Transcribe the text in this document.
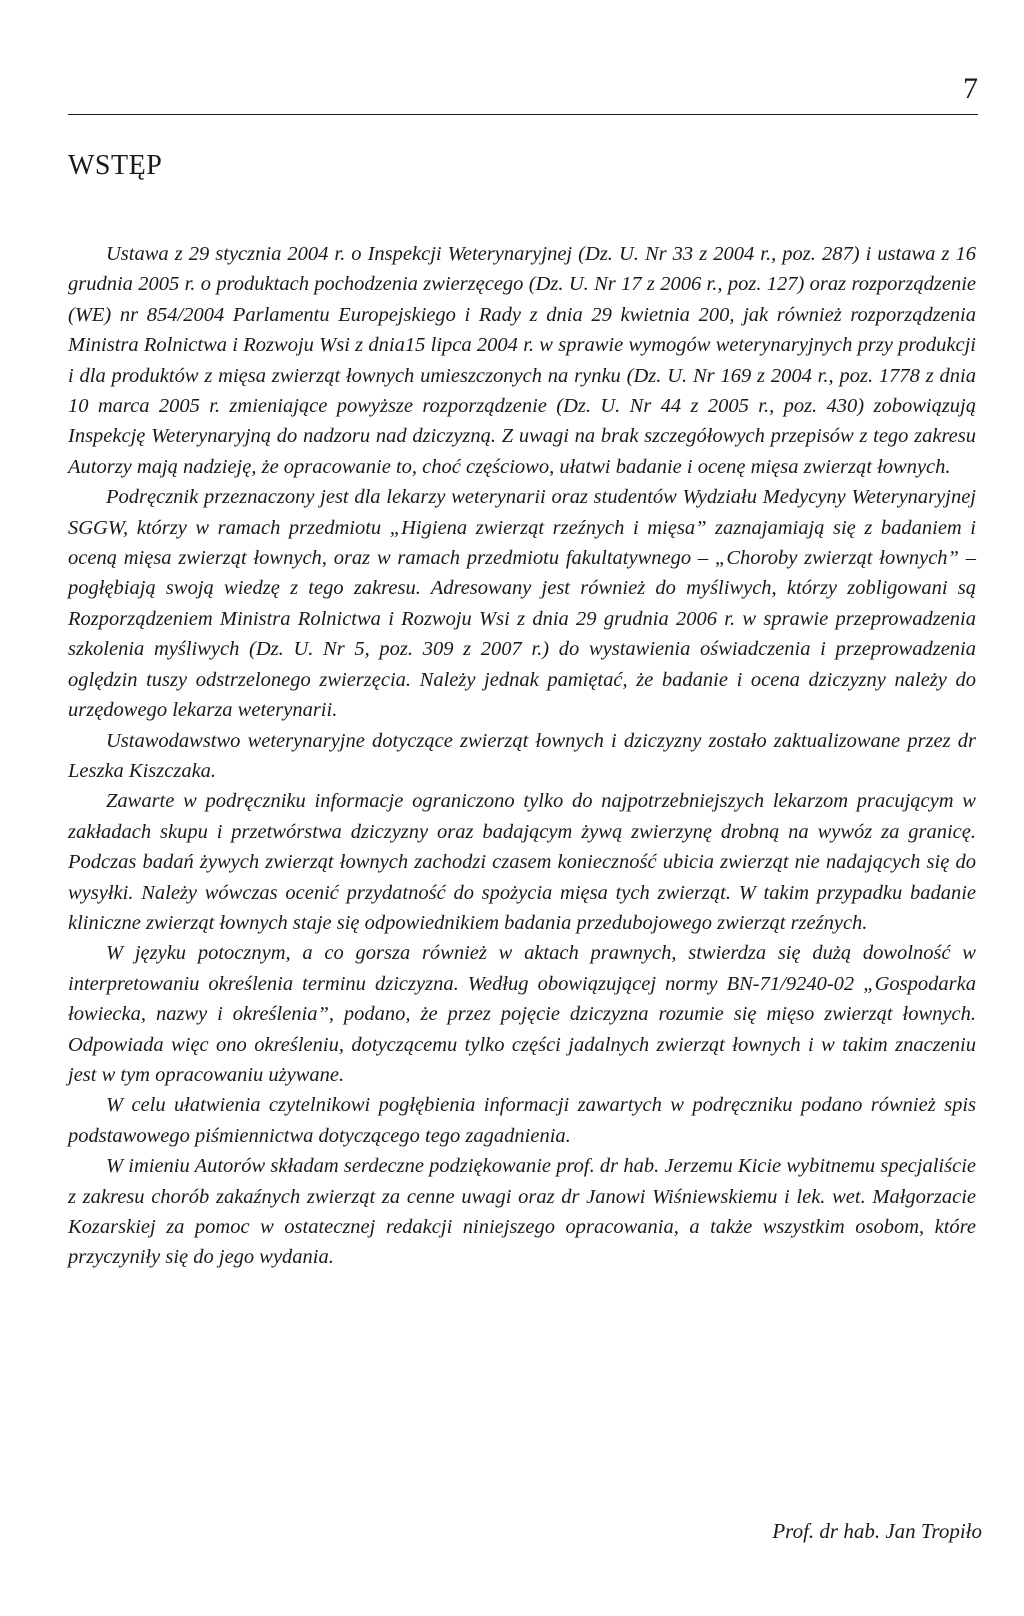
7
WSTĘP

Ustawa z 29 stycznia 2004 r. o Inspekcji Weterynaryjnej (Dz. U. Nr 33 z 2004 r., poz. 287) i ustawa z 16 grudnia 2005 r. o produktach pochodzenia zwierzęcego (Dz. U. Nr 17 z 2006 r., poz. 127) oraz rozporządzenie (WE) nr 854/2004 Parlamentu Europejskiego i Rady z dnia 29 kwietnia 200, jak również rozporządzenia Ministra Rolnictwa i Rozwoju Wsi z dnia15 lipca 2004 r. w sprawie wymogów weterynaryjnych przy produkcji i dla produktów z mięsa zwierząt łownych umieszczonych na rynku (Dz. U. Nr 169 z 2004 r., poz. 1778 z dnia 10 marca 2005 r. zmieniające powyższe rozporządzenie (Dz. U. Nr 44 z 2005 r., poz. 430) zobowiązują Inspekcję Weterynaryjną do nadzoru nad dziczyzną. Z uwagi na brak szczegółowych przepisów z tego zakresu Autorzy mają nadzieję, że opracowanie to, choć częściowo, ułatwi badanie i ocenę mięsa zwierząt łownych.

Podręcznik przeznaczony jest dla lekarzy weterynarii oraz studentów Wydziału Medycyny Weterynaryjnej SGGW, którzy w ramach przedmiotu „Higiena zwierząt rzeźnych i mięsa” zaznajamiają się z badaniem i oceną mięsa zwierząt łownych, oraz w ramach przedmiotu fakultatywnego – „Choroby zwierząt łownych” – pogłębiają swoją wiedzę z tego zakresu. Adresowany jest również do myśliwych, którzy zobligowani są Rozporządzeniem Ministra Rolnictwa i Rozwoju Wsi z dnia 29 grudnia 2006 r. w sprawie przeprowadzenia szkolenia myśliwych (Dz. U. Nr 5, poz. 309 z 2007 r.) do wystawienia oświadczenia i przeprowadzenia oględzin tuszy odstrzelonego zwierzęcia. Należy jednak pamiętać, że badanie i ocena dziczyzny należy do urzędowego lekarza weterynarii.

Ustawodawstwo weterynaryjne dotyczące zwierząt łownych i dziczyzny zostało zaktualizowane przez dr Leszka Kiszczaka.

Zawarte w podręczniku informacje ograniczono tylko do najpotrzebniejszych lekarzom pracującym w zakładach skupu i przetwórstwa dziczyzny oraz badającym żywą zwierzynę drobną na wywóz za granicę. Podczas badań żywych zwierząt łownych zachodzi czasem konieczność ubicia zwierząt nie nadających się do wysyłki. Należy wówczas ocenić przydatność do spożycia mięsa tych zwierząt. W takim przypadku badanie kliniczne zwierząt łownych staje się odpowiednikiem badania przedubojowego zwierząt rzeźnych.

W języku potocznym, a co gorsza również w aktach prawnych, stwierdza się dużą dowolność w interpretowaniu określenia terminu dziczyzna. Według obowiązującej normy BN-71/9240-02 „Gospodarka łowiecka, nazwy i określenia”, podano, że przez pojęcie dziczyzna rozumie się mięso zwierząt łownych. Odpowiada więc ono określeniu, dotyczącemu tylko części jadalnych zwierząt łownych i w takim znaczeniu jest w tym opracowaniu używane.

W celu ułatwienia czytelnikowi pogłębienia informacji zawartych w podręczniku podano również spis podstawowego piśmiennictwa dotyczącego tego zagadnienia.

W imieniu Autorów składam serdeczne podziękowanie prof. dr hab. Jerzemu Kicie wybitnemu specjaliście z zakresu chorób zakaźnych zwierząt za cenne uwagi oraz dr Janowi Wiśniewskiemu i lek. wet. Małgorzacie Kozarskiej za pomoc w ostatecznej redakcji niniejszego opracowania, a także wszystkim osobom, które przyczyniły się do jego wydania.

Prof. dr hab. Jan Tropiło
